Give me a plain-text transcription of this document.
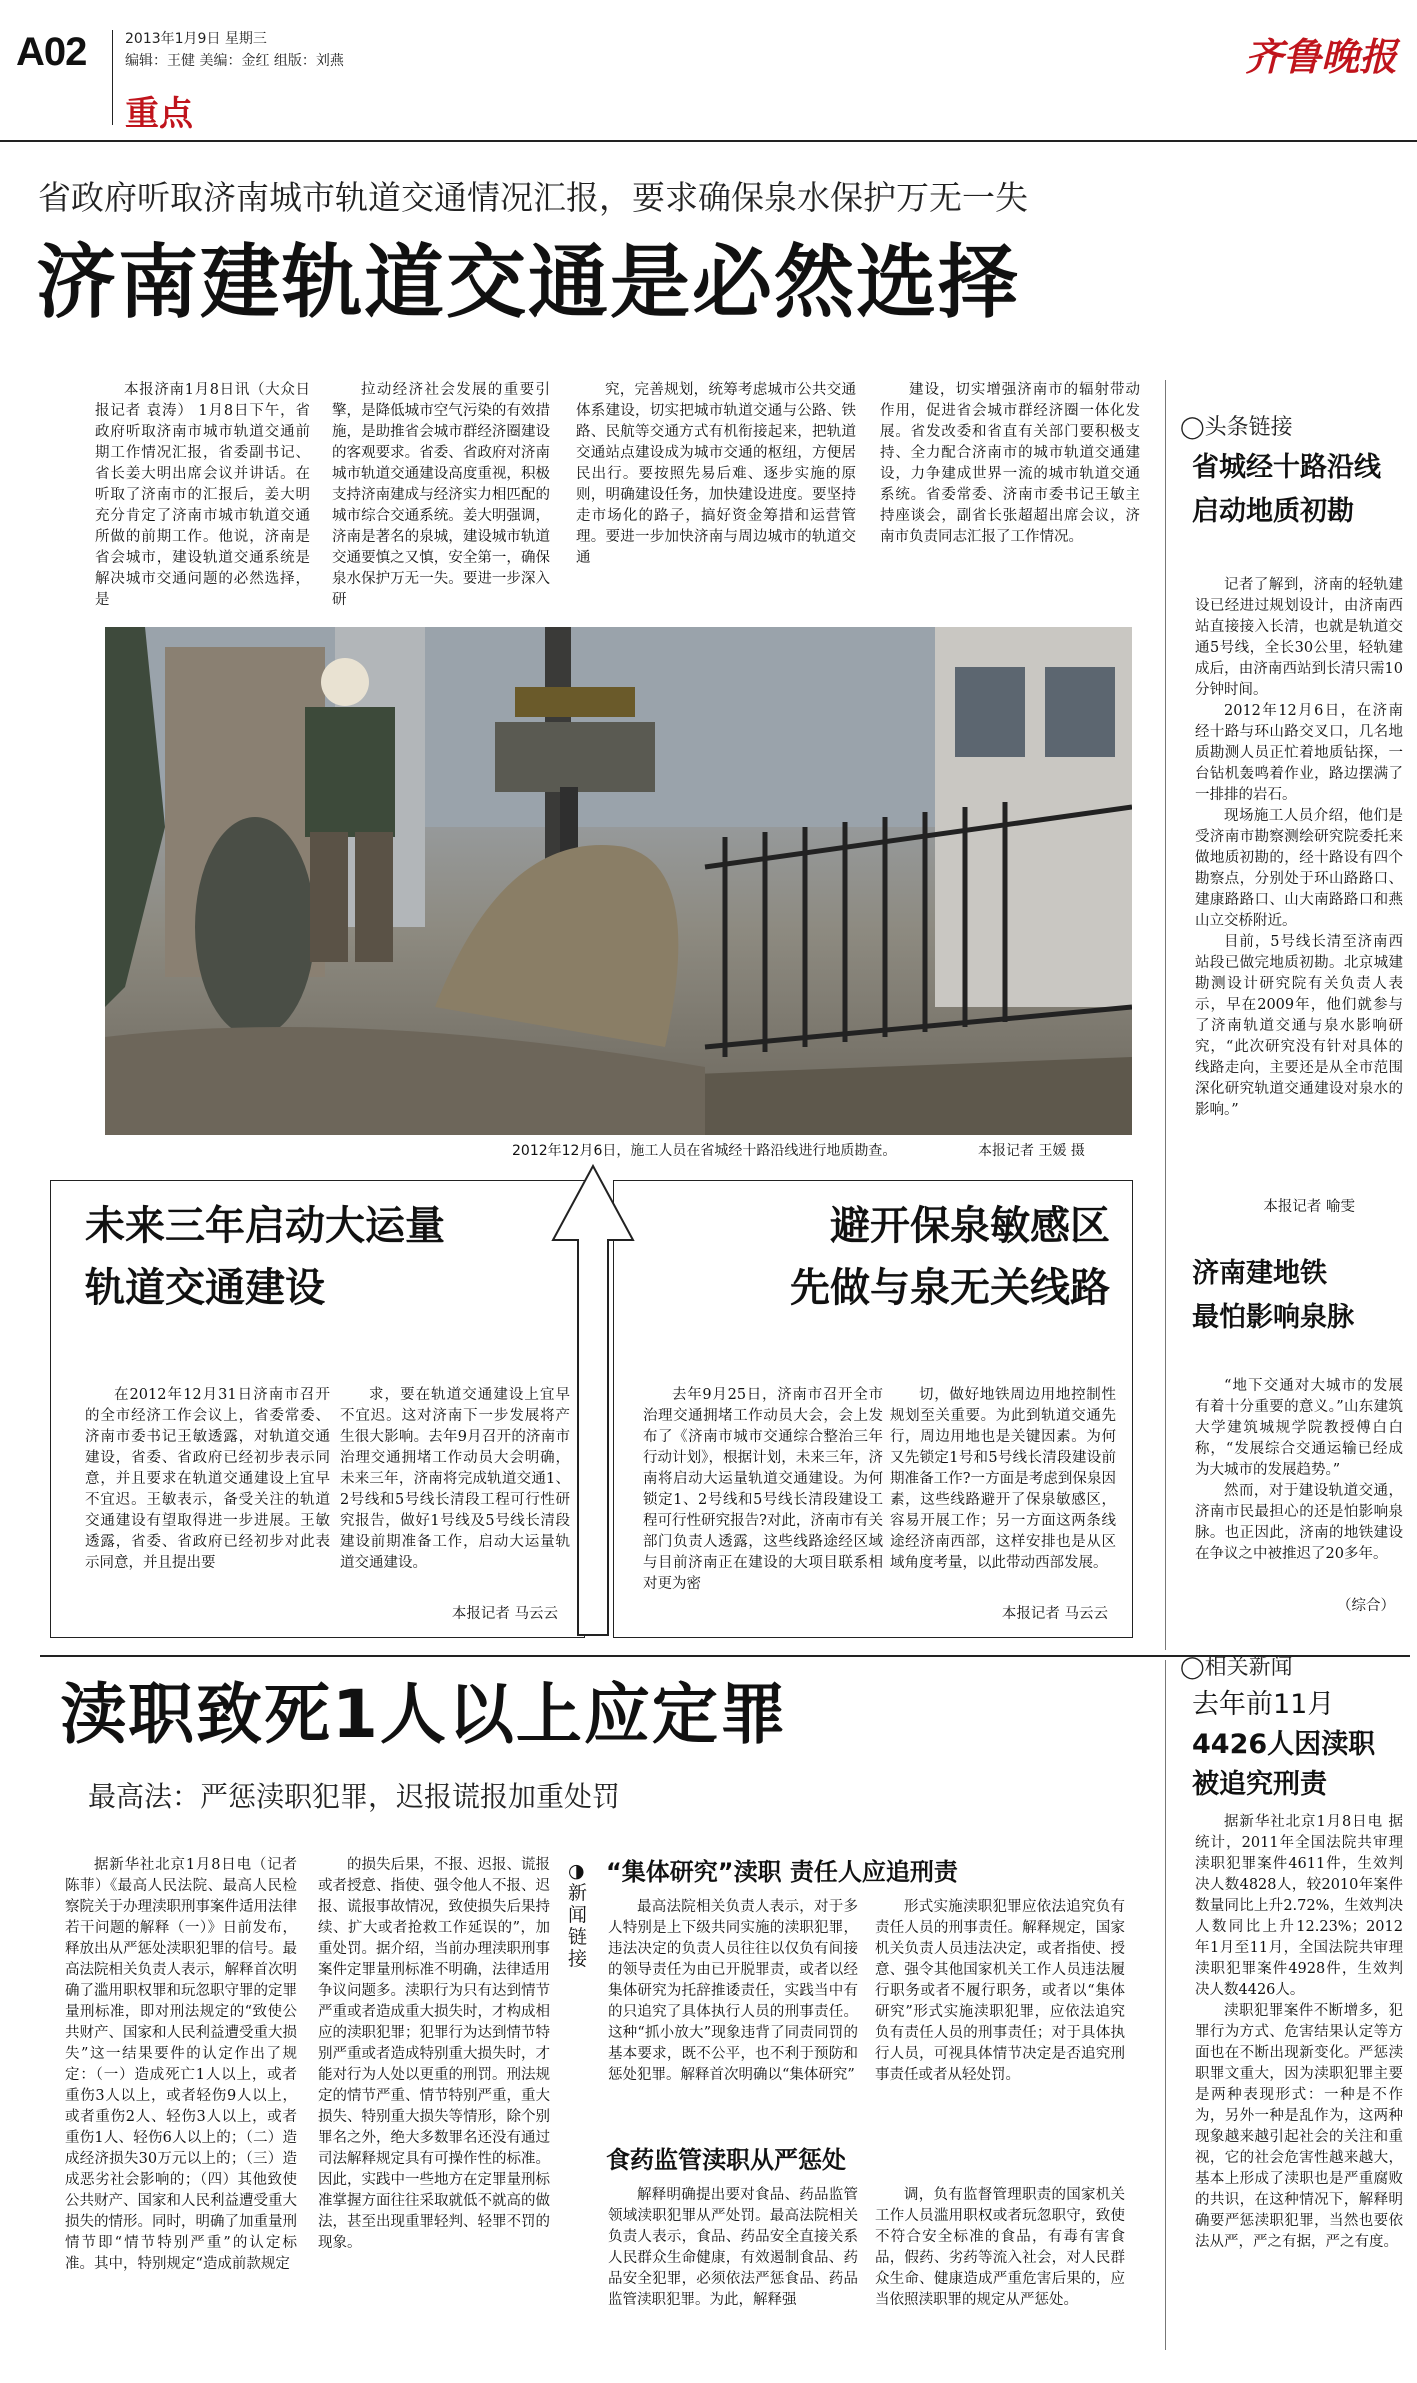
A02	2013年1月9日 星期三
编辑：王健 美编：金红 组版：刘燕
重点
齐鲁晚报
省政府听取济南城市轨道交通情况汇报，要求确保泉水保护万无一失
济南建轨道交通是必然选择
本报济南1月8日讯（大众日报记者 袁涛） 1月8日下午，省政府听取济南市城市轨道交通前期工作情况汇报，省委副书记、省长姜大明出席会议并讲话。在听取了济南市的汇报后，姜大明充分肯定了济南市城市轨道交通所做的前期工作。他说，济南是省会城市，建设轨道交通系统是解决城市交通问题的必然选择，是
拉动经济社会发展的重要引擎，是降低城市空气污染的有效措施，是助推省会城市群经济圈建设的客观要求。省委、省政府对济南城市轨道交通建设高度重视，积极支持济南建成与经济实力相匹配的城市综合交通系统。姜大明强调，济南是著名的泉城，建设城市轨道交通要慎之又慎，安全第一，确保泉水保护万无一失。要进一步深入研
究，完善规划，统筹考虑城市公共交通体系建设，切实把城市轨道交通与公路、铁路、民航等交通方式有机衔接起来，把轨道交通站点建设成为城市交通的枢纽，方便居民出行。要按照先易后难、逐步实施的原则，明确建设任务，加快建设进度。要坚持走市场化的路子，搞好资金筹措和运营管理。要进一步加快济南与周边城市的轨道交通
建设，切实增强济南市的辐射带动作用，促进省会城市群经济圈一体化发展。省发改委和省直有关部门要积极支持、全力配合济南市的城市轨道交通建设，力争建成世界一流的城市轨道交通系统。省委常委、济南市委书记王敏主持座谈会，副省长张超超出席会议，济南市负责同志汇报了工作情况。
2012年12月6日，施工人员在省城经十路沿线进行地质勘查。	本报记者 王媛 摄
未来三年启动大运量
轨道交通建设
在2012年12月31日济南市召开的全市经济工作会议上，省委常委、济南市委书记王敏透露，对轨道交通建设，省委、省政府已经初步表示同意，并且要求在轨道交通建设上宜早不宜迟。王敏表示，备受关注的轨道交通建设有望取得进一步进展。王敏透露，省委、省政府已经初步对此表示同意，并且提出要
求，要在轨道交通建设上宜早不宜迟。这对济南下一步发展将产生很大影响。去年9月召开的济南市治理交通拥堵工作动员大会明确，未来三年，济南将完成轨道交通1、2号线和5号线长清段工程可行性研究报告，做好1号线及5号线长清段建设前期准备工作，启动大运量轨道交通建设。
本报记者 马云云
避开保泉敏感区
先做与泉无关线路
去年9月25日，济南市召开全市治理交通拥堵工作动员大会，会上发布了《济南市城市交通综合整治三年行动计划》，根据计划，未来三年，济南将启动大运量轨道交通建设。为何锁定1、2号线和5号线长清段建设工程可行性研究报告?对此，济南市有关部门负责人透露，这些线路途经区域与目前济南正在建设的大项目联系相对更为密
切，做好地铁周边用地控制性规划至关重要。为此到轨道交通先行，周边用地也是关键因素。为何又先锁定1号和5号线长清段建设前期准备工作?一方面是考虑到保泉因素，这些线路避开了保泉敏感区，容易开展工作；另一方面这两条线途经济南西部，这样安排也是从区域角度考量，以此带动西部发展。
本报记者 马云云
◯头条链接
省城经十路沿线
启动地质初勘

记者了解到，济南的轻轨建设已经进过规划设计，由济南西站直接接入长清，也就是轨道交通5号线，全长30公里，轻轨建成后，由济南西站到长清只需10分钟时间。

2012年12月6日，在济南经十路与环山路交叉口，几名地质勘测人员正忙着地质钻探，一台钻机轰鸣着作业，路边摆满了一排排的岩石。

现场施工人员介绍，他们是受济南市勘察测绘研究院委托来做地质初勘的，经十路设有四个勘察点，分别处于环山路路口、建康路路口、山大南路路口和燕山立交桥附近。

目前，5号线长清至济南西站段已做完地质初勘。北京城建勘测设计研究院有关负责人表示，早在2009年，他们就参与了济南轨道交通与泉水影响研究，“此次研究没有针对具体的线路走向，主要还是从全市范围深化研究轨道交通建设对泉水的影响。”

本报记者 喻雯
济南建地铁
最怕影响泉脉

“地下交通对大城市的发展有着十分重要的意义。”山东建筑大学建筑城规学院教授傅白白称，“发展综合交通运输已经成为大城市的发展趋势。”

然而，对于建设轨道交通，济南市民最担心的还是怕影响泉脉。也正因此，济南的地铁建设在争议之中被推迟了20多年。

（综合）
渎职致死1人以上应定罪
最高法：严惩渎职犯罪，迟报谎报加重处罚
据新华社北京1月8日电（记者 陈菲）《最高人民法院、最高人民检察院关于办理渎职刑事案件适用法律若干问题的解释（一）》日前发布，释放出从严惩处渎职犯罪的信号。最高法院相关负责人表示，解释首次明确了滥用职权罪和玩忽职守罪的定罪量刑标准，即对刑法规定的“致使公共财产、国家和人民利益遭受重大损失”这一结果要件的认定作出了规定：（一）造成死亡1人以上，或者重伤3人以上，或者轻伤9人以上，或者重伤2人、轻伤3人以上，或者重伤1人、轻伤6人以上的；（二）造成经济损失30万元以上的；（三）造成恶劣社会影响的；（四）其他致使公共财产、国家和人民利益遭受重大损失的情形。同时，明确了加重量刑情节即“情节特别严重”的认定标准。其中，特别规定“造成前款规定
的损失后果，不报、迟报、谎报或者授意、指使、强令他人不报、迟报、谎报事故情况，致使损失后果持续、扩大或者抢救工作延误的”，加重处罚。据介绍，当前办理渎职刑事案件定罪量刑标准不明确，法律适用争议问题多。渎职行为只有达到情节严重或者造成重大损失时，才构成相应的渎职犯罪；犯罪行为达到情节特别严重或者造成特别重大损失时，才能对行为人处以更重的刑罚。刑法规定的情节严重、情节特别严重，重大损失、特别重大损失等情形，除个别罪名之外，绝大多数罪名还没有通过司法解释规定具有可操作性的标准。因此，实践中一些地方在定罪量刑标准掌握方面往往采取就低不就高的做法，甚至出现重罪轻判、轻罪不罚的现象。
◑新闻链接
“集体研究”渎职 责任人应追刑责
最高法院相关负责人表示，对于多人特别是上下级共同实施的渎职犯罪，违法决定的负责人员往往以仅负有间接的领导责任为由已开脱罪责，或者以经集体研究为托辞推诿责任，实践当中有的只追究了具体执行人员的刑事责任。这种“抓小放大”现象违背了同责同罚的基本要求，既不公平，也不利于预防和惩处犯罪。解释首次明确以“集体研究”
形式实施渎职犯罪应依法追究负有责任人员的刑事责任。解释规定，国家机关负责人员违法决定，或者指使、授意、强令其他国家机关工作人员违法履行职务或者不履行职务，或者以“集体研究”形式实施渎职犯罪，应依法追究负有责任人员的刑事责任；对于具体执行人员，可视具体情节决定是否追究刑事责任或者从轻处罚。
食药监管渎职从严惩处
解释明确提出要对食品、药品监管领域渎职犯罪从严处罚。最高法院相关负责人表示，食品、药品安全直接关系人民群众生命健康，有效遏制食品、药品安全犯罪，必须依法严惩食品、药品监管渎职犯罪。为此，解释强
调，负有监督管理职责的国家机关工作人员滥用职权或者玩忽职守，致使不符合安全标准的食品，有毒有害食品，假药、劣药等流入社会，对人民群众生命、健康造成严重危害后果的，应当依照渎职罪的规定从严惩处。
◯相关新闻
去年前11月
4426人因渎职
被追究刑责

据新华社北京1月8日电 据统计，2011年全国法院共审理渎职犯罪案件4611件，生效判决人数4828人，较2010年案件数量同比上升2.72%，生效判决人数同比上升12.23%；2012年1月至11月，全国法院共审理渎职犯罪案件4928件，生效判决人数4426人。

渎职犯罪案件不断增多，犯罪行为方式、危害结果认定等方面也在不断出现新变化。严惩渎职罪文重大，因为渎职犯罪主要是两种表现形式：一种是不作为，另外一种是乱作为，这两种现象越来越引起社会的关注和重视，它的社会危害性越来越大，基本上形成了渎职也是严重腐败的共识，在这种情况下，解释明确要严惩渎职犯罪，当然也要依法从严，严之有据，严之有度。
